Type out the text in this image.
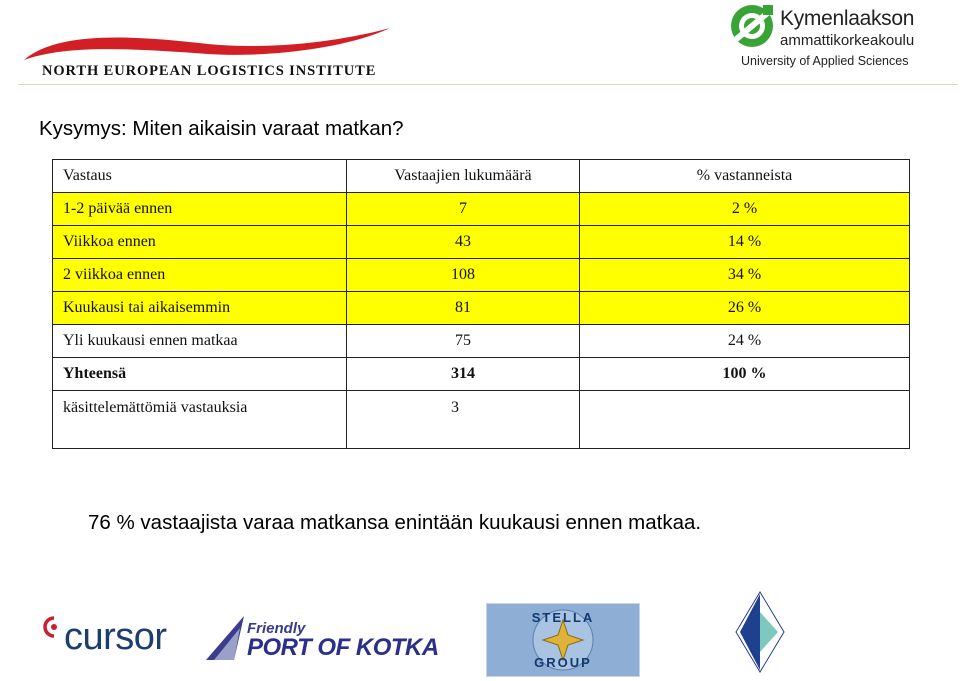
NORTH EUROPEAN LOGISTICS INSTITUTE
Kymenlaakson
ammattikorkeakoulu
University of Applied Sciences
Kysymys: Miten aikaisin varaat matkan?
Vastaus	Vastaajien lukumäärä	% vastanneista
1-2 päivää ennen	7	2 %
Viikkoa ennen	43	14 %
2 viikkoa ennen	108	34 %
Kuukausi tai aikaisemmin	81	26 %
Yli kuukausi ennen matkaa	75	24 %
Yhteensä	314	100 %
käsittelemättömiä vastauksia	3	
76 % vastaajista varaa matkansa enintään kuukausi ennen matkaa.
cursor	Friendly
PORT OF KOTKA
STELLA
GROUP
